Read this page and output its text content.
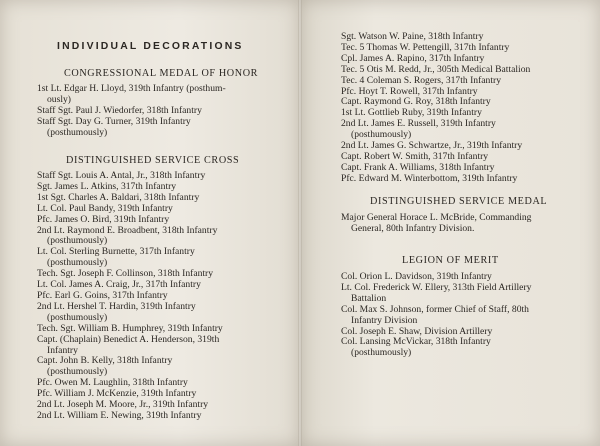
INDIVIDUAL DECORATIONS
CONGRESSIONAL MEDAL OF HONOR
1st Lt. Edgar H. Lloyd, 319th Infantry (posthum-
ously)
Staff Sgt. Paul J. Wiedorfer, 318th Infantry
Staff Sgt. Day G. Turner, 319th Infantry
(posthumously)
DISTINGUISHED SERVICE CROSS
Staff Sgt. Louis A. Antal, Jr., 318th Infantry
Sgt. James L. Atkins, 317th Infantry
1st Sgt. Charles A. Baldari, 318th Infantry
Lt. Col. Paul Bandy, 319th Infantry
Pfc. James O. Bird, 319th Infantry
2nd Lt. Raymond E. Broadbent, 318th Infantry
(posthumously)
Lt. Col. Sterling Burnette, 317th Infantry
(posthumously)
Tech. Sgt. Joseph F. Collinson, 318th Infantry
Lt. Col. James A. Craig, Jr., 317th Infantry
Pfc. Earl G. Goins, 317th Infantry
2nd Lt. Hershel T. Hardin, 319th Infantry
(posthumously)
Tech. Sgt. William B. Humphrey, 319th Infantry
Capt. (Chaplain) Benedict A. Henderson, 319th
Infantry
Capt. John B. Kelly, 318th Infantry
(posthumously)
Pfc. Owen M. Laughlin, 318th Infantry
Pfc. William J. McKenzie, 319th Infantry
2nd Lt. Joseph M. Moore, Jr., 319th Infantry
2nd Lt. William E. Newing, 319th Infantry
Sgt. Watson W. Paine, 318th Infantry
Tec. 5 Thomas W. Pettengill, 317th Infantry
Cpl. James A. Rapino, 317th Infantry
Tec. 5 Otis M. Redd, Jr., 305th Medical Battalion
Tec. 4 Coleman S. Rogers, 317th Infantry
Pfc. Hoyt T. Rowell, 317th Infantry
Capt. Raymond G. Roy, 318th Infantry
1st Lt. Gottlieb Ruby, 319th Infantry
2nd Lt. James E. Russell, 319th Infantry
(posthumously)
2nd Lt. James G. Schwartze, Jr., 319th Infantry
Capt. Robert W. Smith, 317th Infantry
Capt. Frank A. Williams, 318th Infantry
Pfc. Edward M. Winterbottom, 319th Infantry
DISTINGUISHED SERVICE MEDAL
Major General Horace L. McBride, Commanding
General, 80th Infantry Division.
LEGION OF MERIT
Col. Orion L. Davidson, 319th Infantry
Lt. Col. Frederick W. Ellery, 313th Field Artillery
Battalion
Col. Max S. Johnson, former Chief of Staff, 80th
Infantry Division
Col. Joseph E. Shaw, Division Artillery
Col. Lansing McVickar, 318th Infantry
(posthumously)
